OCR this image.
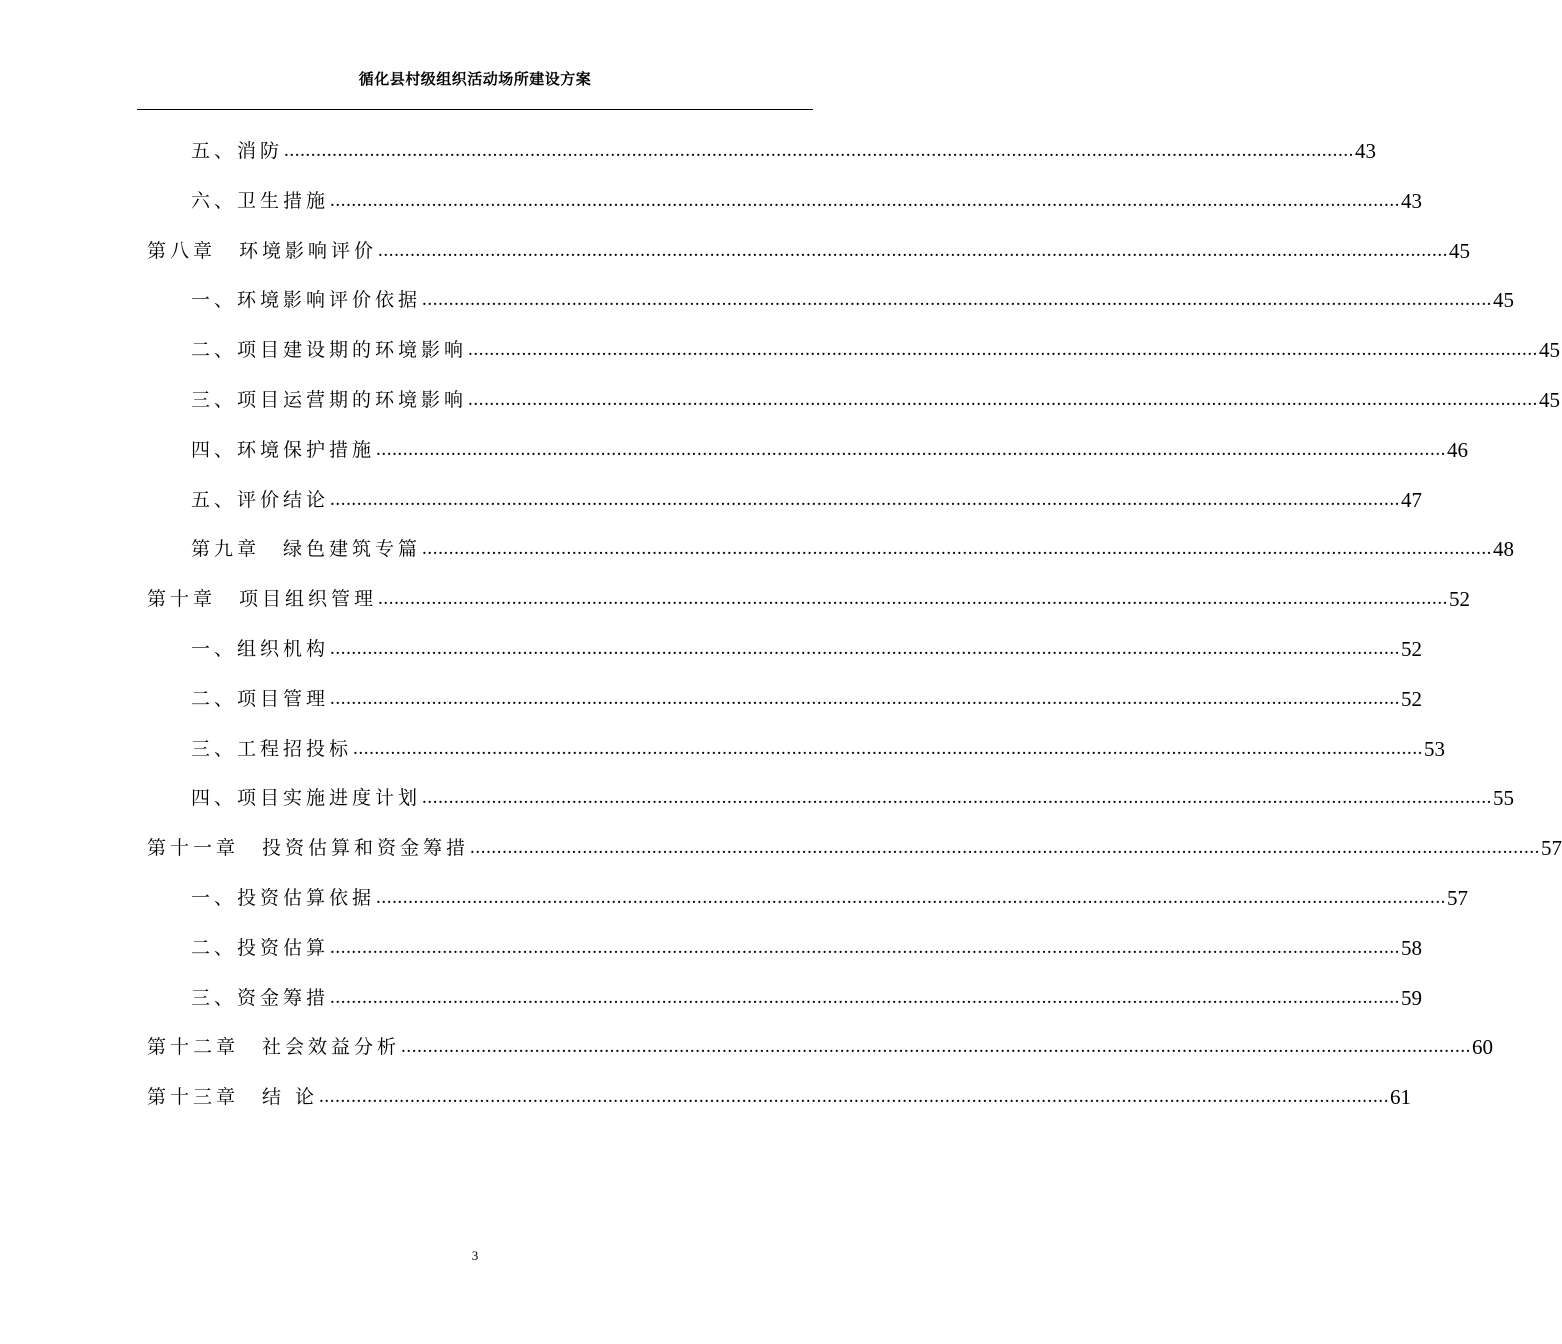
循化县村级组织活动场所建设方案
五、消防 ........................................................................................................................................................................................................ 43
六、卫生措施 ........................................................................................................................................................................................................ 43
第八章　环境影响评价 ........................................................................................................................................................................................................ 45
一、环境影响评价依据 ........................................................................................................................................................................................................ 45
二、项目建设期的环境影响 ........................................................................................................................................................................................................ 45
三、项目运营期的环境影响 ........................................................................................................................................................................................................ 45
四、环境保护措施 ........................................................................................................................................................................................................ 46
五、评价结论 ........................................................................................................................................................................................................ 47
第九章　绿色建筑专篇 ........................................................................................................................................................................................................ 48
第十章　项目组织管理 ........................................................................................................................................................................................................ 52
一、组织机构 ........................................................................................................................................................................................................ 52
二、项目管理 ........................................................................................................................................................................................................ 52
三、工程招投标 ........................................................................................................................................................................................................ 53
四、项目实施进度计划 ........................................................................................................................................................................................................ 55
第十一章　投资估算和资金筹措 ........................................................................................................................................................................................................ 57
一、投资估算依据 ........................................................................................................................................................................................................ 57
二、投资估算 ........................................................................................................................................................................................................ 58
三、资金筹措 ........................................................................................................................................................................................................ 59
第十二章　社会效益分析 ........................................................................................................................................................................................................ 60
第十三章　结 论 ........................................................................................................................................................................................................ 61
3
